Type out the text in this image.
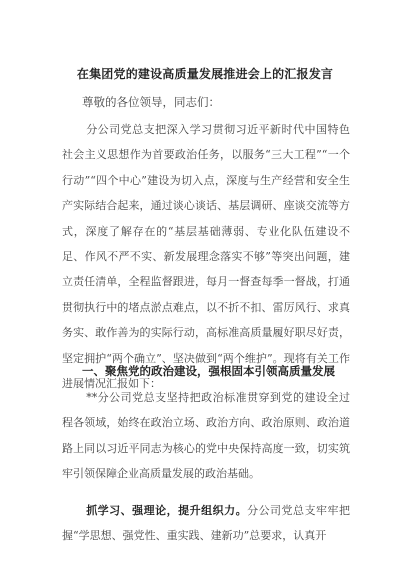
在集团党的建设高质量发展推进会上的汇报发言
尊敬的各位领导，同志们：

分公司党总支把深入学习贯彻习近平新时代中国特色社会主义思想作为首要政治任务，以服务“三大工程”“一个行动”“四个中心”建设为切入点，深度与生产经营和安全生产实际结合起来，通过谈心谈话、基层调研、座谈交流等方式，深度了解存在的“基层基础薄弱、专业化队伍建设不足、作风不严不实、新发展理念落实不够”等突出问题，建立责任清单，全程监督跟进，每月一督查每季一督战，打通贯彻执行中的堵点淤点难点，以不折不扣、雷厉风行、求真务实、敢作善为的实际行动，高标准高质量履好职尽好责，坚定拥护“两个确立”、坚决做到“两个维护”。现将有关工作进展情况汇报如下：

一、聚焦党的政治建设，强根固本引领高质量发展

**分公司党总支坚持把政治标准贯穿到党的建设全过程各领域，始终在政治立场、政治方向、政治原则、政治道路上同以习近平同志为核心的党中央保持高度一致，切实筑牢引领保障企业高质量发展的政治基础。

抓学习、强理论，提升组织力。分公司党总支牢牢把握“学思想、强党性、重实践、建新功”总要求，认真开
